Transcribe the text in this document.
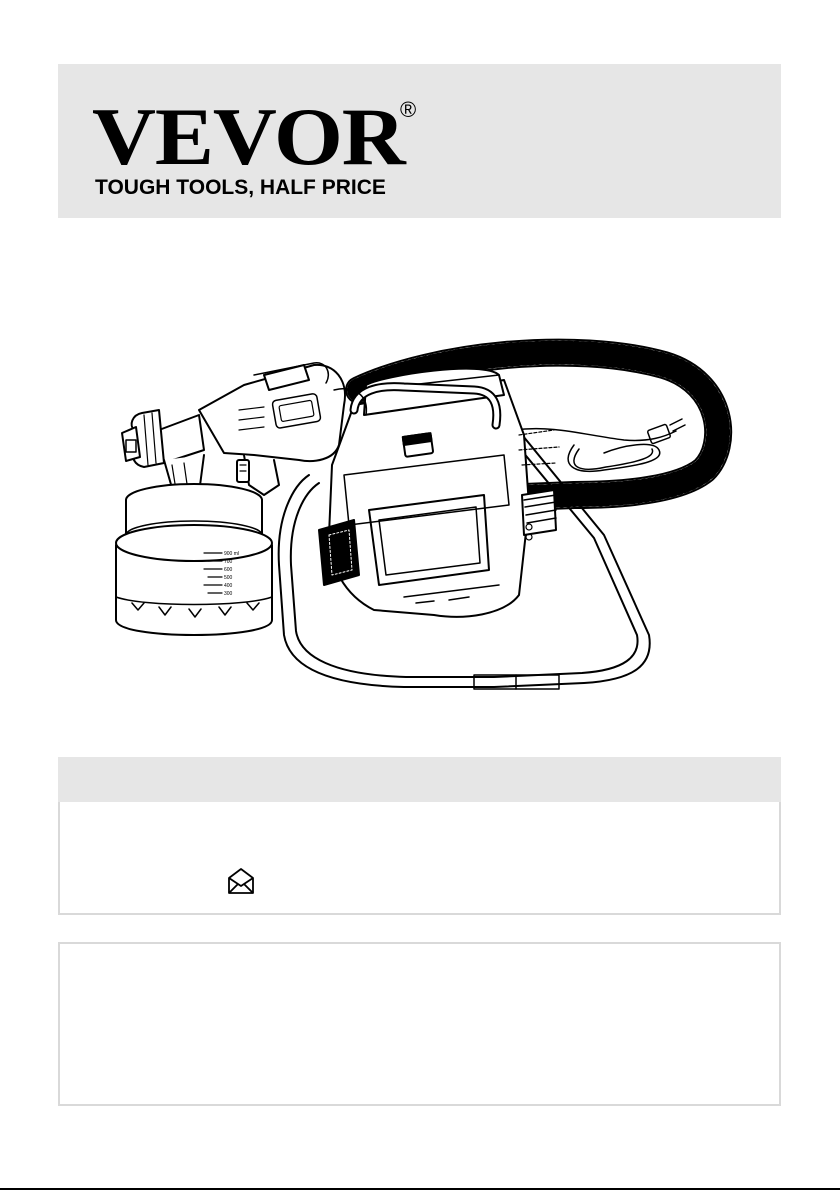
VEVOR
®
TOUGH TOOLS, HALF PRICE
900 ml
700
600
500
400
300
